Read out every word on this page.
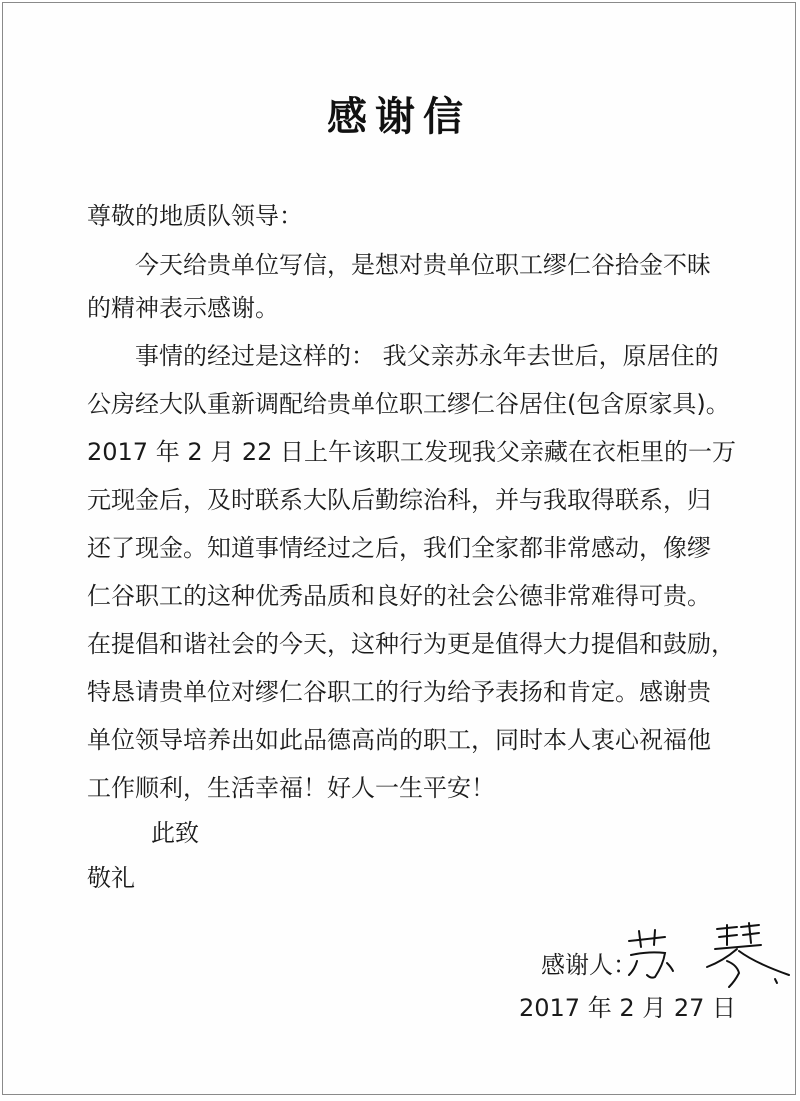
感谢信
尊敬的地质队领导：
今天给贵单位写信，是想对贵单位职工缪仁谷拾金不昧
的精神表示感谢。
事情的经过是这样的： 我父亲苏永年去世后，原居住的
公房经大队重新调配给贵单位职工缪仁谷居住(包含原家具)。
2017 年 2 月 22 日上午该职工发现我父亲藏在衣柜里的一万
元现金后，及时联系大队后勤综治科，并与我取得联系，归
还了现金。知道事情经过之后，我们全家都非常感动，像缪
仁谷职工的这种优秀品质和良好的社会公德非常难得可贵。
在提倡和谐社会的今天，这种行为更是值得大力提倡和鼓励，
特恳请贵单位对缪仁谷职工的行为给予表扬和肯定。感谢贵
单位领导培养出如此品德高尚的职工，同时本人衷心祝福他
工作顺利，生活幸福！好人一生平安！
此致
敬礼
感谢人：
2017 年 2 月 27 日
